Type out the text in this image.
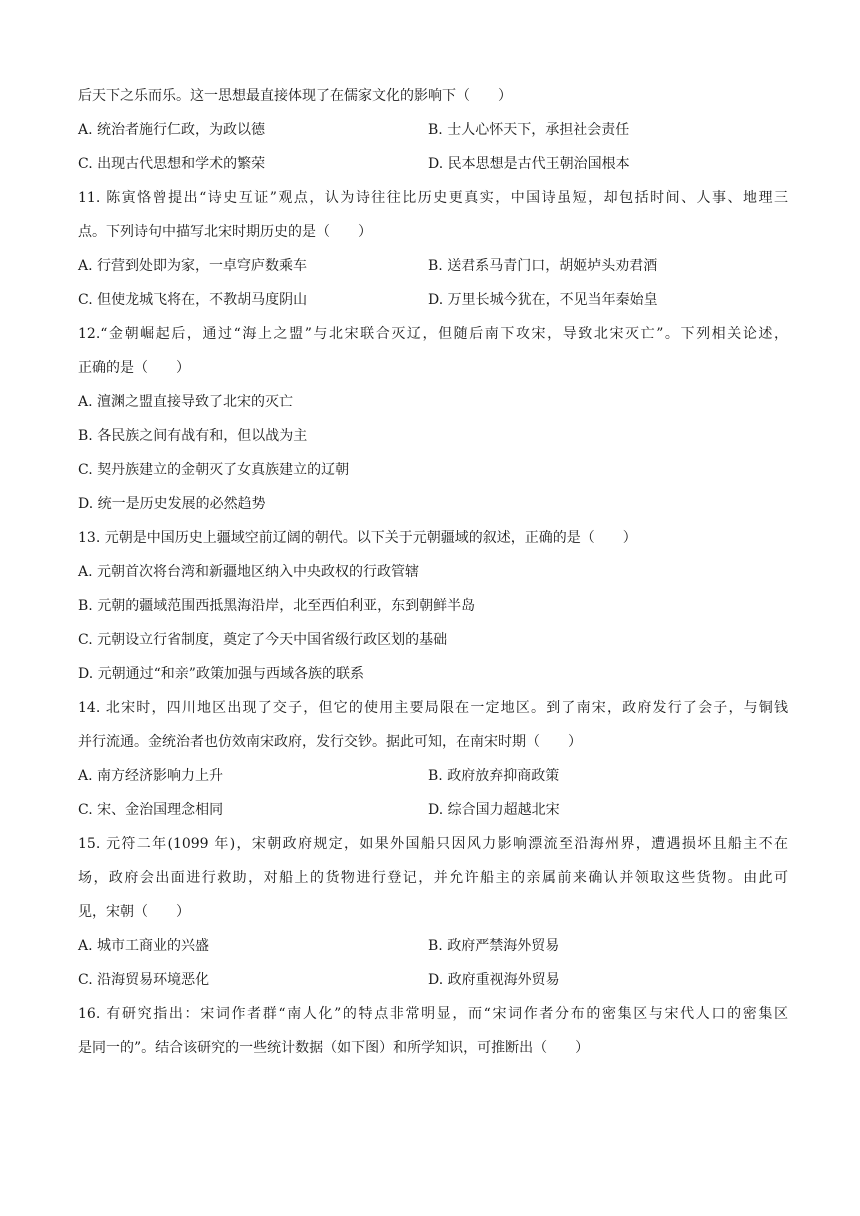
后天下之乐而乐。这一思想最直接体现了在儒家文化的影响下（　　）
A. 统治者施行仁政，为政以德	B. 士人心怀天下，承担社会责任
C. 出现古代思想和学术的繁荣	D. 民本思想是古代王朝治国根本
11. 陈寅恪曾提出“诗史互证”观点，认为诗往往比历史更真实，中国诗虽短，却包括时间、人事、地理三
点。下列诗句中描写北宋时期历史的是（　　）
A. 行营到处即为家，一卓穹庐数乘车	B. 送君系马青门口，胡姬垆头劝君酒
C. 但使龙城飞将在，不教胡马度阴山	D. 万里长城今犹在，不见当年秦始皇
12.“金朝崛起后，通过“海上之盟”与北宋联合灭辽，但随后南下攻宋，导致北宋灭亡”。下列相关论述，
正确的是（　　）
A. 澶渊之盟直接导致了北宋的灭亡
B. 各民族之间有战有和，但以战为主
C. 契丹族建立的金朝灭了女真族建立的辽朝
D. 统一是历史发展的必然趋势
13. 元朝是中国历史上疆域空前辽阔的朝代。以下关于元朝疆域的叙述，正确的是（　　）
A. 元朝首次将台湾和新疆地区纳入中央政权的行政管辖
B. 元朝的疆域范围西抵黑海沿岸，北至西伯利亚，东到朝鲜半岛
C. 元朝设立行省制度，奠定了今天中国省级行政区划的基础
D. 元朝通过“和亲”政策加强与西域各族的联系
14. 北宋时，四川地区出现了交子，但它的使用主要局限在一定地区。到了南宋，政府发行了会子，与铜钱
并行流通。金统治者也仿效南宋政府，发行交钞。据此可知，在南宋时期（　　）
A. 南方经济影响力上升	B. 政府放弃抑商政策
C. 宋、金治国理念相同	D. 综合国力超越北宋
15. 元符二年(1099 年)，宋朝政府规定，如果外国船只因风力影响漂流至沿海州界，遭遇损坏且船主不在
场，政府会出面进行救助，对船上的货物进行登记，并允许船主的亲属前来确认并领取这些货物。由此可
见，宋朝（　　）
A. 城市工商业的兴盛	B. 政府严禁海外贸易
C. 沿海贸易环境恶化	D. 政府重视海外贸易
16. 有研究指出：宋词作者群“南人化”的特点非常明显，而“宋词作者分布的密集区与宋代人口的密集区
是同一的”。结合该研究的一些统计数据（如下图）和所学知识，可推断出（　　）
